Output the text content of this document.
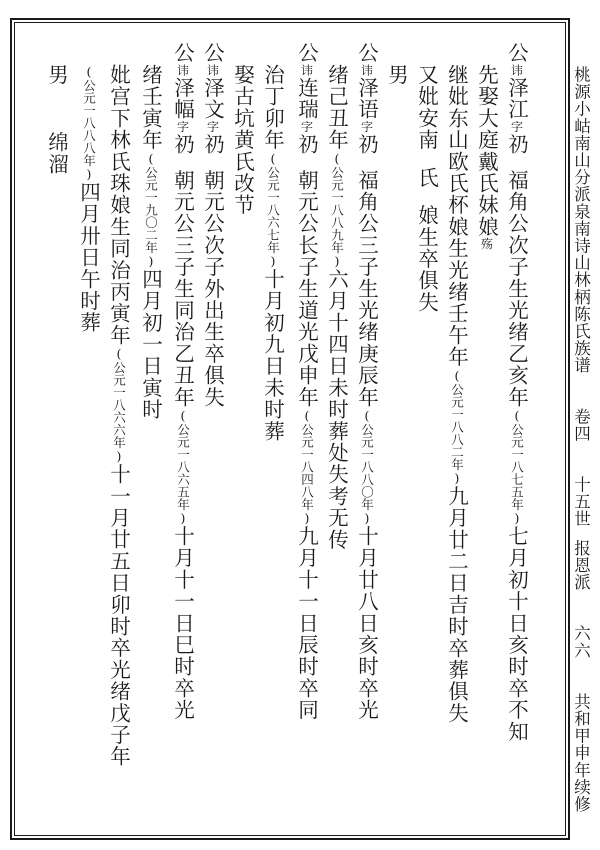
桃源小岵南山分派泉南诗山林柄陈氏族谱卷四十五世报恩派六六共和甲申年续修
公讳泽江字礽福角公次子生光绪乙亥年(公元一八七五年)七月初十日亥时卒不知
先娶大庭戴氏妹娘殇
继妣东山欧氏杯娘生光绪壬午年(公元一八八二年)九月廿二日吉时卒葬俱失
又妣安南氏娘生卒俱失
男
公讳泽语字礽福角公三子生光绪庚辰年(公元一八八〇年)十月廿八日亥时卒光
绪己丑年(公元一八八九年)六月十四日未时葬处失考无传
公讳连瑞字礽朝元公长子生道光戊申年(公元一八四八年)九月十一日辰时卒同
治丁卯年(公元一八六七年)十月初九日未时葬
娶古坑黄氏改节
公讳泽文字礽朝元公次子外出生卒俱失
公讳泽幅字礽朝元公三子生同治乙丑年(公元一八六五年)十月十一日巳时卒光
绪壬寅年(公元一九〇二年)四月初一日寅时
妣宫下林氏珠娘生同治丙寅年(公元一八六六年)十一月廿五日卯时卒光绪戊子年
(公元一八八八年)四月卅日午时葬
男绵溜
